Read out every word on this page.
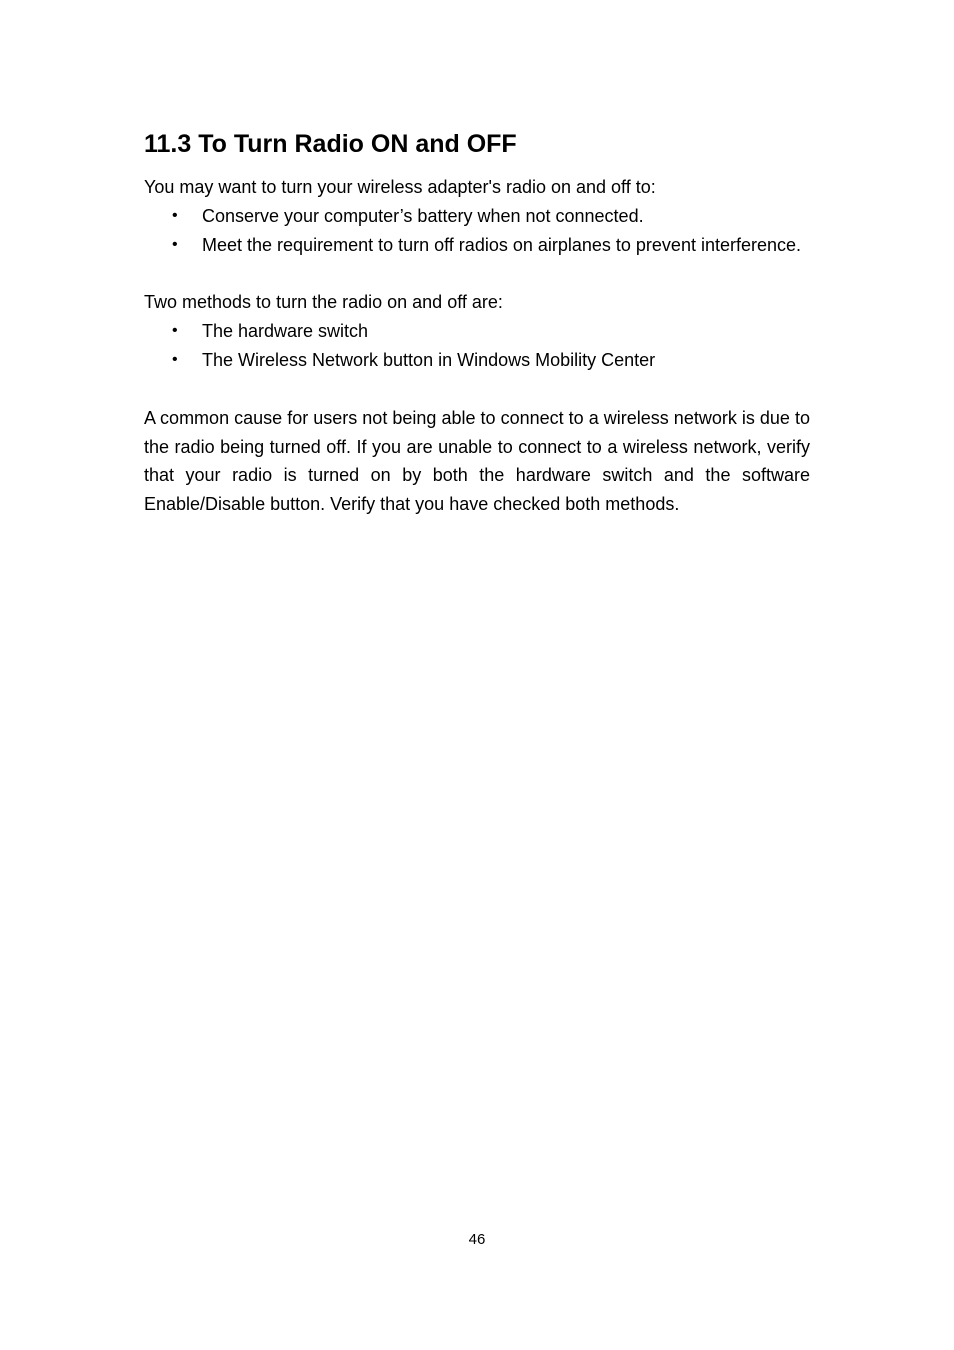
11.3 To Turn Radio ON and OFF

You may want to turn your wireless adapter's radio on and off to:

• Conserve your computer’s battery when not connected.
• Meet the requirement to turn off radios on airplanes to prevent interference.

Two methods to turn the radio on and off are:

• The hardware switch
• The Wireless Network button in Windows Mobility Center

A common cause for users not being able to connect to a wireless network is due to the radio being turned off. If you are unable to connect to a wireless network, verify that your radio is turned on by both the hardware switch and the software Enable/Disable button. Verify that you have checked both methods.

46
